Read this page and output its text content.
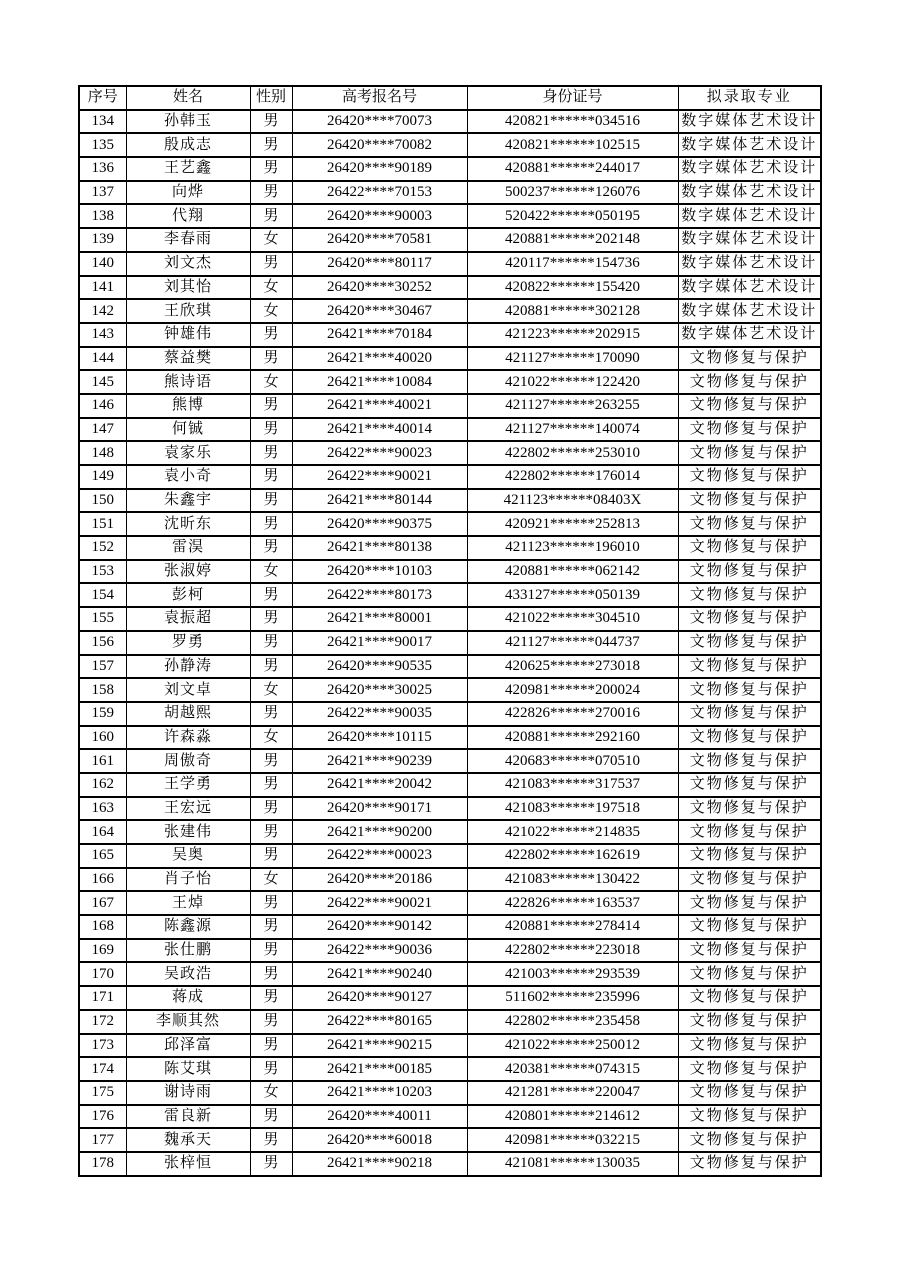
序号	姓名	性别	高考报名号	身份证号	拟录取专业
134	孙韩玉	男	26420****70073	420821******034516	数字媒体艺术设计
135	殷成志	男	26420****70082	420821******102515	数字媒体艺术设计
136	王艺鑫	男	26420****90189	420881******244017	数字媒体艺术设计
137	向烨	男	26422****70153	500237******126076	数字媒体艺术设计
138	代翔	男	26420****90003	520422******050195	数字媒体艺术设计
139	李春雨	女	26420****70581	420881******202148	数字媒体艺术设计
140	刘文杰	男	26420****80117	420117******154736	数字媒体艺术设计
141	刘其怡	女	26420****30252	420822******155420	数字媒体艺术设计
142	王欣琪	女	26420****30467	420881******302128	数字媒体艺术设计
143	钟雄伟	男	26421****70184	421223******202915	数字媒体艺术设计
144	蔡益樊	男	26421****40020	421127******170090	文物修复与保护
145	熊诗语	女	26421****10084	421022******122420	文物修复与保护
146	熊博	男	26421****40021	421127******263255	文物修复与保护
147	何铖	男	26421****40014	421127******140074	文物修复与保护
148	袁家乐	男	26422****90023	422802******253010	文物修复与保护
149	袁小奇	男	26422****90021	422802******176014	文物修复与保护
150	朱鑫宇	男	26421****80144	421123******08403X	文物修复与保护
151	沈昕东	男	26420****90375	420921******252813	文物修复与保护
152	雷淏	男	26421****80138	421123******196010	文物修复与保护
153	张淑婷	女	26420****10103	420881******062142	文物修复与保护
154	彭柯	男	26422****80173	433127******050139	文物修复与保护
155	袁振超	男	26421****80001	421022******304510	文物修复与保护
156	罗勇	男	26421****90017	421127******044737	文物修复与保护
157	孙静涛	男	26420****90535	420625******273018	文物修复与保护
158	刘文卓	女	26420****30025	420981******200024	文物修复与保护
159	胡越熙	男	26422****90035	422826******270016	文物修复与保护
160	许森淼	女	26420****10115	420881******292160	文物修复与保护
161	周傲奇	男	26421****90239	420683******070510	文物修复与保护
162	王学勇	男	26421****20042	421083******317537	文物修复与保护
163	王宏远	男	26420****90171	421083******197518	文物修复与保护
164	张建伟	男	26421****90200	421022******214835	文物修复与保护
165	吴奥	男	26422****00023	422802******162619	文物修复与保护
166	肖子怡	女	26420****20186	421083******130422	文物修复与保护
167	王焯	男	26422****90021	422826******163537	文物修复与保护
168	陈鑫源	男	26420****90142	420881******278414	文物修复与保护
169	张仕鹏	男	26422****90036	422802******223018	文物修复与保护
170	吴政浩	男	26421****90240	421003******293539	文物修复与保护
171	蒋成	男	26420****90127	511602******235996	文物修复与保护
172	李顺其然	男	26422****80165	422802******235458	文物修复与保护
173	邱泽富	男	26421****90215	421022******250012	文物修复与保护
174	陈艾琪	男	26421****00185	420381******074315	文物修复与保护
175	谢诗雨	女	26421****10203	421281******220047	文物修复与保护
176	雷良新	男	26420****40011	420801******214612	文物修复与保护
177	魏承天	男	26420****60018	420981******032215	文物修复与保护
178	张梓恒	男	26421****90218	421081******130035	文物修复与保护
